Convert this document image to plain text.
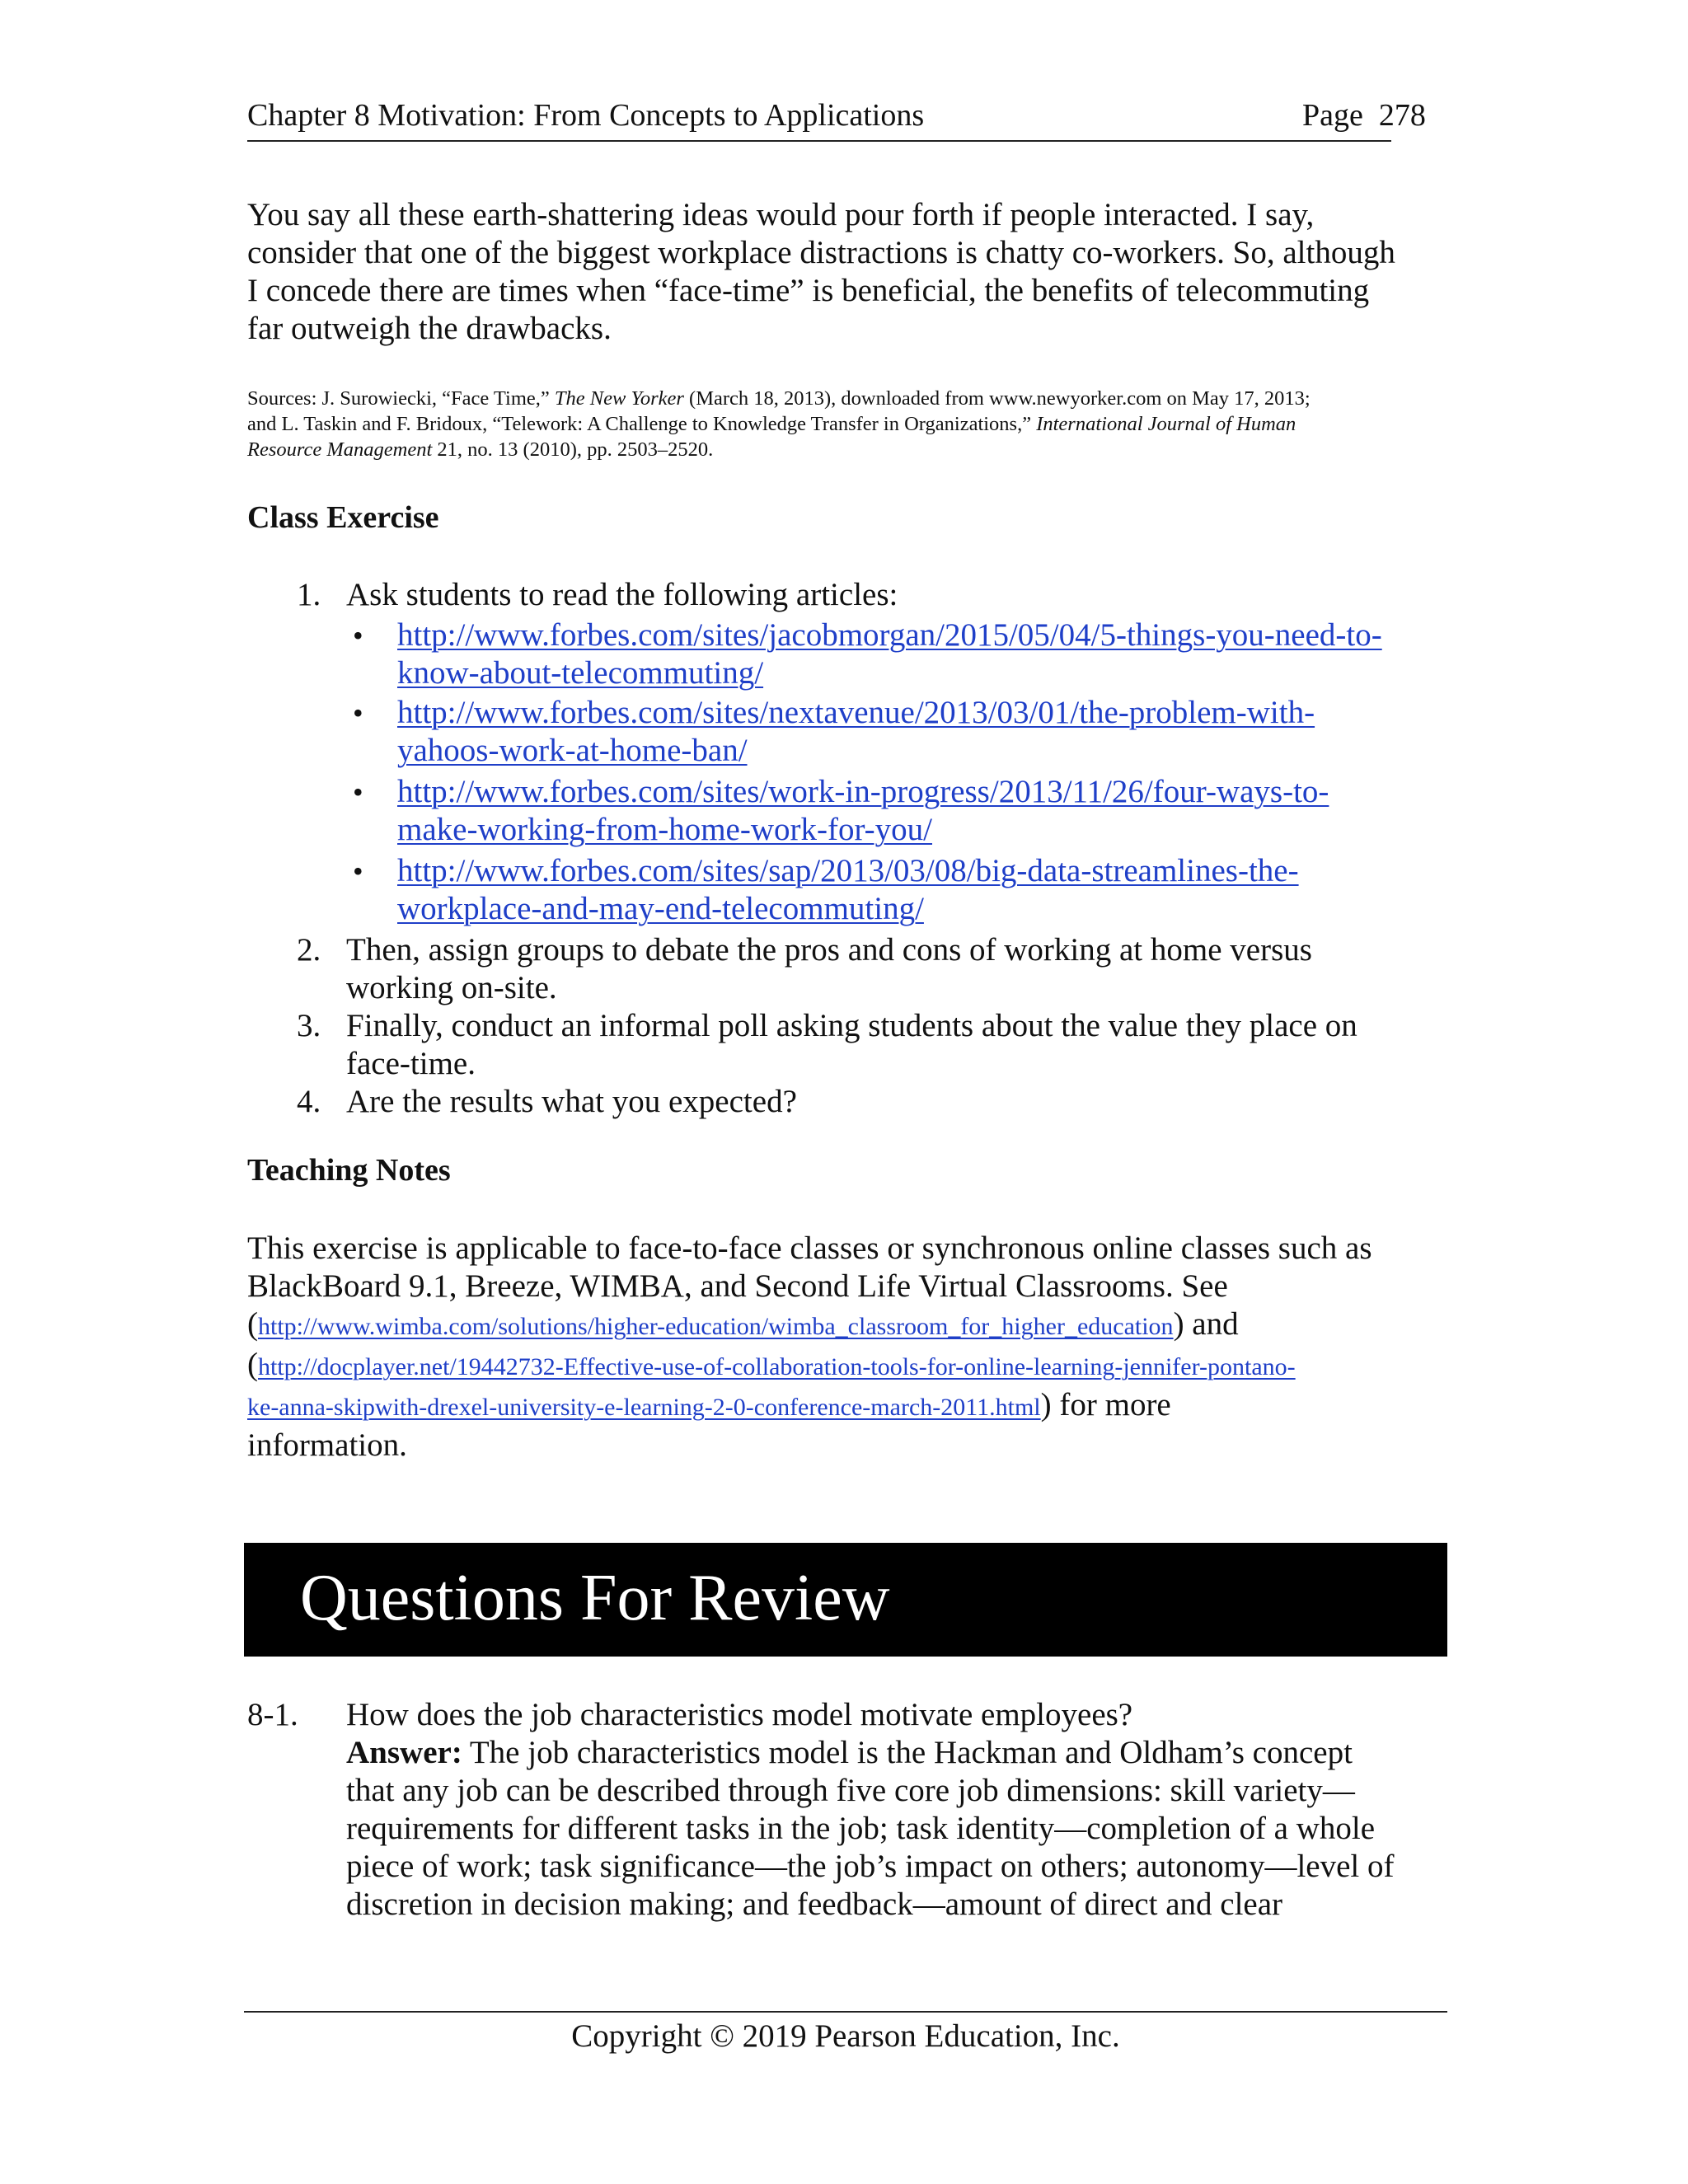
Chapter 8 Motivation: From Concepts to Applications	Page 278
You say all these earth-shattering ideas would pour forth if people interacted. I say,
consider that one of the biggest workplace distractions is chatty co-workers. So, although
I concede there are times when “face-time” is beneficial, the benefits of telecommuting
far outweigh the drawbacks.
Sources: J. Surowiecki, “Face Time,” The New Yorker (March 18, 2013), downloaded from www.newyorker.com on May 17, 2013;
and L. Taskin and F. Bridoux, “Telework: A Challenge to Knowledge Transfer in Organizations,” International Journal of Human
Resource Management 21, no. 13 (2010), pp. 2503–2520.
Class Exercise
1. Ask students to read the following articles:
• http://www.forbes.com/sites/jacobmorgan/2015/05/04/5-things-you-need-to-
know-about-telecommuting/
• http://www.forbes.com/sites/nextavenue/2013/03/01/the-problem-with-
yahoos-work-at-home-ban/
• http://www.forbes.com/sites/work-in-progress/2013/11/26/four-ways-to-
make-working-from-home-work-for-you/
• http://www.forbes.com/sites/sap/2013/03/08/big-data-streamlines-the-
workplace-and-may-end-telecommuting/
2. Then, assign groups to debate the pros and cons of working at home versus
working on-site.
3. Finally, conduct an informal poll asking students about the value they place on
face-time.
4. Are the results what you expected?
Teaching Notes
This exercise is applicable to face-to-face classes or synchronous online classes such as
BlackBoard 9.1, Breeze, WIMBA, and Second Life Virtual Classrooms. See
(http://www.wimba.com/solutions/higher-education/wimba_classroom_for_higher_education) and
(http://docplayer.net/19442732-Effective-use-of-collaboration-tools-for-online-learning-jennifer-pontano-
ke-anna-skipwith-drexel-university-e-learning-2-0-conference-march-2011.html) for more
information.
Questions For Review
8-1. How does the job characteristics model motivate employees?
Answer: The job characteristics model is the Hackman and Oldham’s concept
that any job can be described through five core job dimensions: skill variety—
requirements for different tasks in the job; task identity—completion of a whole
piece of work; task significance—the job’s impact on others; autonomy—level of
discretion in decision making; and feedback—amount of direct and clear
Copyright © 2019 Pearson Education, Inc.
